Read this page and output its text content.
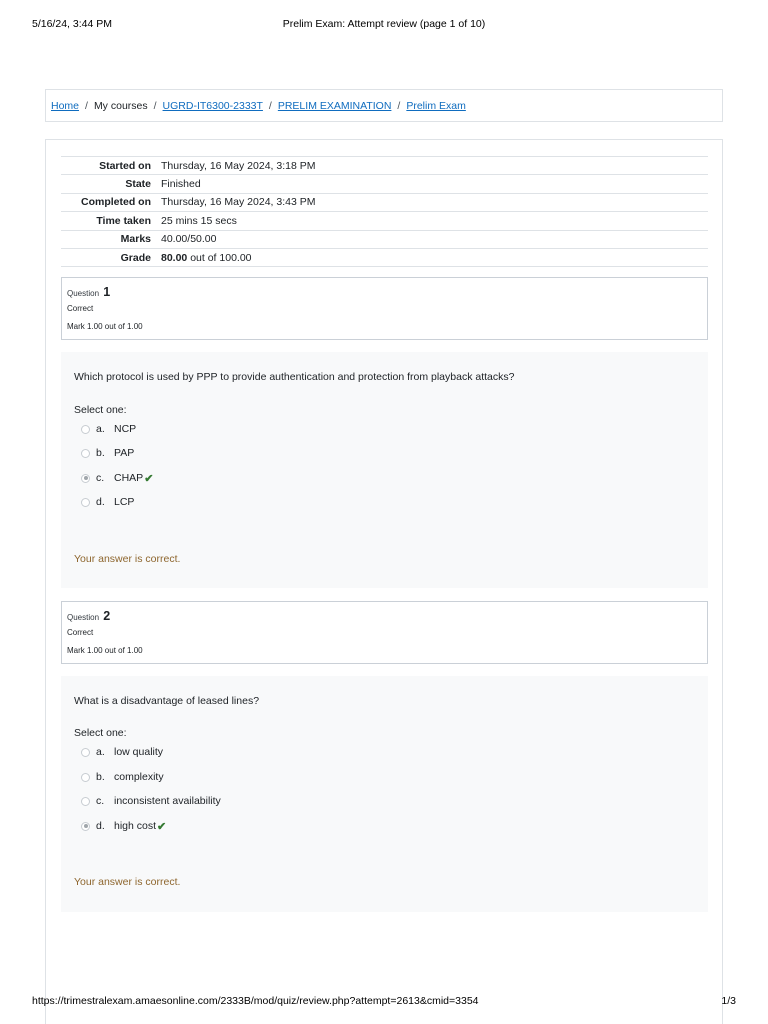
5/16/24, 3:44 PM	Prelim Exam: Attempt review (page 1 of 10)
Home / My courses / UGRD-IT6300-2333T / PRELIM EXAMINATION / Prelim Exam
Started on	Thursday, 16 May 2024, 3:18 PM
State	Finished
Completed on	Thursday, 16 May 2024, 3:43 PM
Time taken	25 mins 15 secs
Marks	40.00/50.00
Grade	80.00 out of 100.00
Question 1
Correct
Mark 1.00 out of 1.00
Which protocol is used by PPP to provide authentication and protection from playback attacks?
Select one:
a. NCP
b. PAP
c. CHAP ✔
d. LCP
Your answer is correct.
Question 2
Correct
Mark 1.00 out of 1.00
What is a disadvantage of leased lines?
Select one:
a. low quality
b. complexity
c. inconsistent availability
d. high cost ✔
Your answer is correct.
https://trimestralexam.amaesonline.com/2333B/mod/quiz/review.php?attempt=2613&cmid=3354	1/3
